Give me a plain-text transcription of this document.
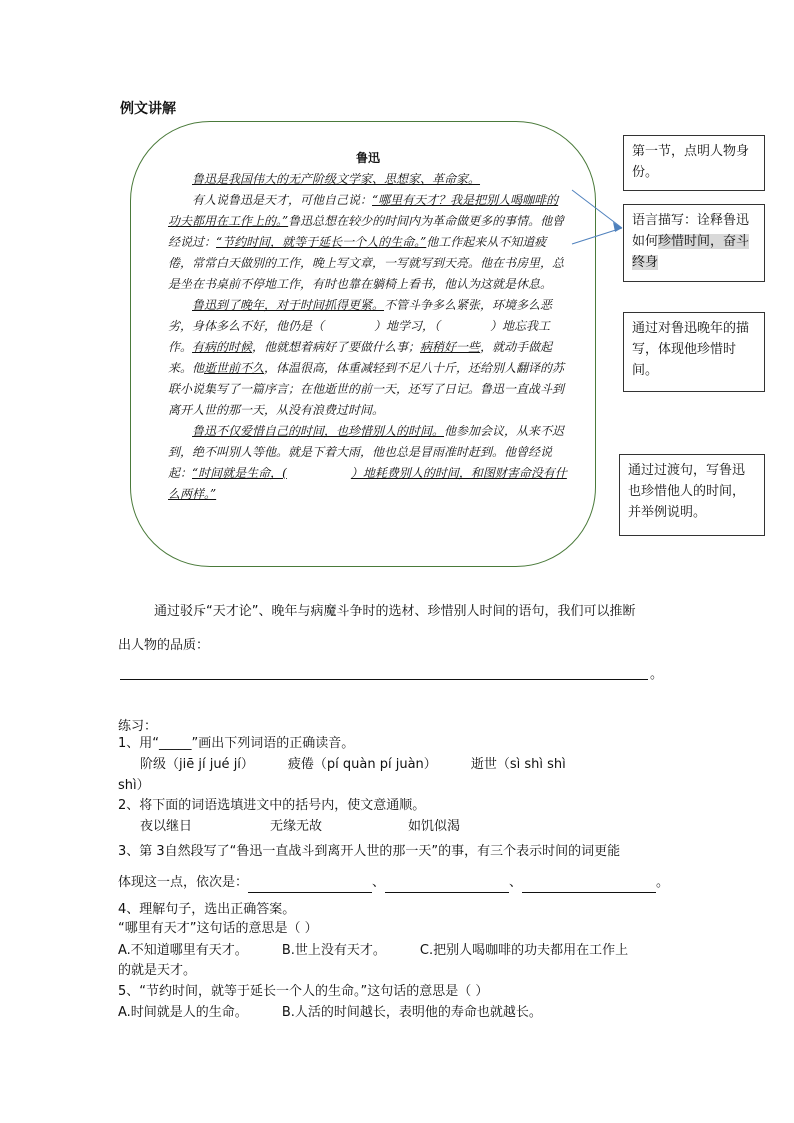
例文讲解
鲁迅

鲁迅是我国伟大的无产阶级文学家、思想家、革命家。

有人说鲁迅是天才，可他自己说：“哪里有天才？我是把别人喝咖啡的功夫都用在工作上的。”鲁迅总想在较少的时间内为革命做更多的事情。他曾经说过：“节约时间，就等于延长一个人的生命。”他工作起来从不知道疲倦，常常白天做别的工作，晚上写文章，一写就写到天亮。他在书房里，总是坐在书桌前不停地工作，有时也靠在躺椅上看书，他认为这就是休息。

鲁迅到了晚年，对于时间抓得更紧。不管斗争多么紧张，环境多么恶劣，身体多么不好，他仍是（	）地学习，（	）地忘我工作。有病的时候，他就想着病好了要做什么事；病稍好一些，就动手做起来。他逝世前不久，体温很高，体重减轻到不足八十斤，还给别人翻译的苏联小说集写了一篇序言；在他逝世的前一天，还写了日记。鲁迅一直战斗到离开人世的那一天，从没有浪费过时间。

鲁迅不仅爱惜自己的时间，也珍惜别人的时间。他参加会议，从来不迟到，绝不叫别人等他。就是下着大雨，他也总是冒雨准时赶到。他曾经说起：“时间就是生命，(	）地耗费别人的时间，和图财害命没有什么两样。”

第一节，点明人物身份。
语言描写：诠释鲁迅如何珍惜时间，奋斗终身
通过对鲁迅晚年的描写，体现他珍惜时间。
通过过渡句，写鲁迅也珍惜他人的时间，并举例说明。
通过驳斥“天才论”、晚年与病魔斗争时的选材、珍惜别人时间的语句，我们可以推断
出人物的品质：
。
练习：
1、用“_____”画出下列词语的正确读音。
阶级（jiē jí jué jí）	疲倦（pí quàn pí juàn）	逝世（sì shì shì
shì）
2、将下面的词语选填进文中的括号内，使文意通顺。
夜以继日	无缘无故	如饥似渴
3、第 3自然段写了“鲁迅一直战斗到离开人世的那一天”的事，有三个表示时间的词更能
体现这一点，依次是：	、	、	。
4、理解句子，选出正确答案。
“哪里有天才”这句话的意思是（ ）
A.不知道哪里有天才。	B.世上没有天才。	C.把别人喝咖啡的功夫都用在工作上
的就是天才。
5、“节约时间，就等于延长一个人的生命。”这句话的意思是（ ）
A.时间就是人的生命。	B.人活的时间越长，表明他的寿命也就越长。
